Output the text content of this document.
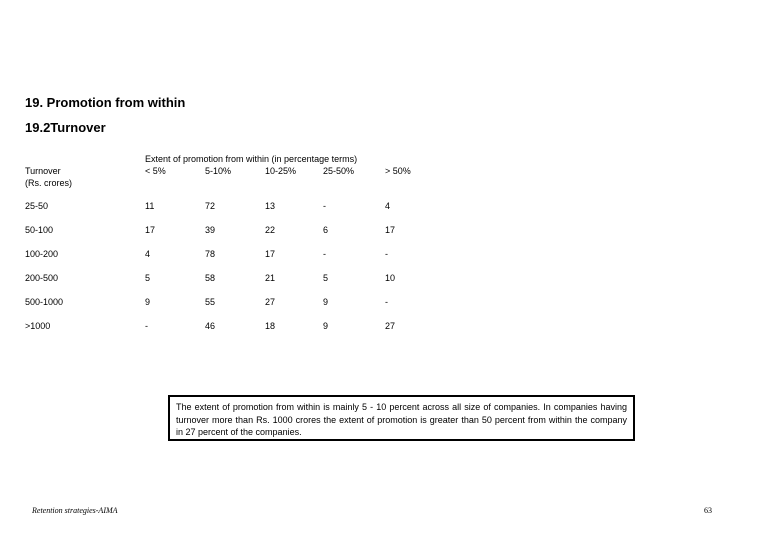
19. Promotion from within
19.2Turnover
Turnover
(Rs. crores)
Extent of promotion from within (in percentage terms)
< 5%	5-10%	10-25%	25-50%	> 50%
25-50	11	72	13	-	4
50-100	17	39	22	6	17
100-200	4	78	17	-	-
200-500	5	58	21	5	10
500-1000	9	55	27	9	-
>1000	-	46	18	9	27
The extent of promotion from within is mainly 5 - 10 percent across all size of companies. In companies having turnover more than Rs. 1000 crores the extent of promotion is greater than 50 percent from within the company in 27 percent of the companies.
Retention strategies-AIMA	63
